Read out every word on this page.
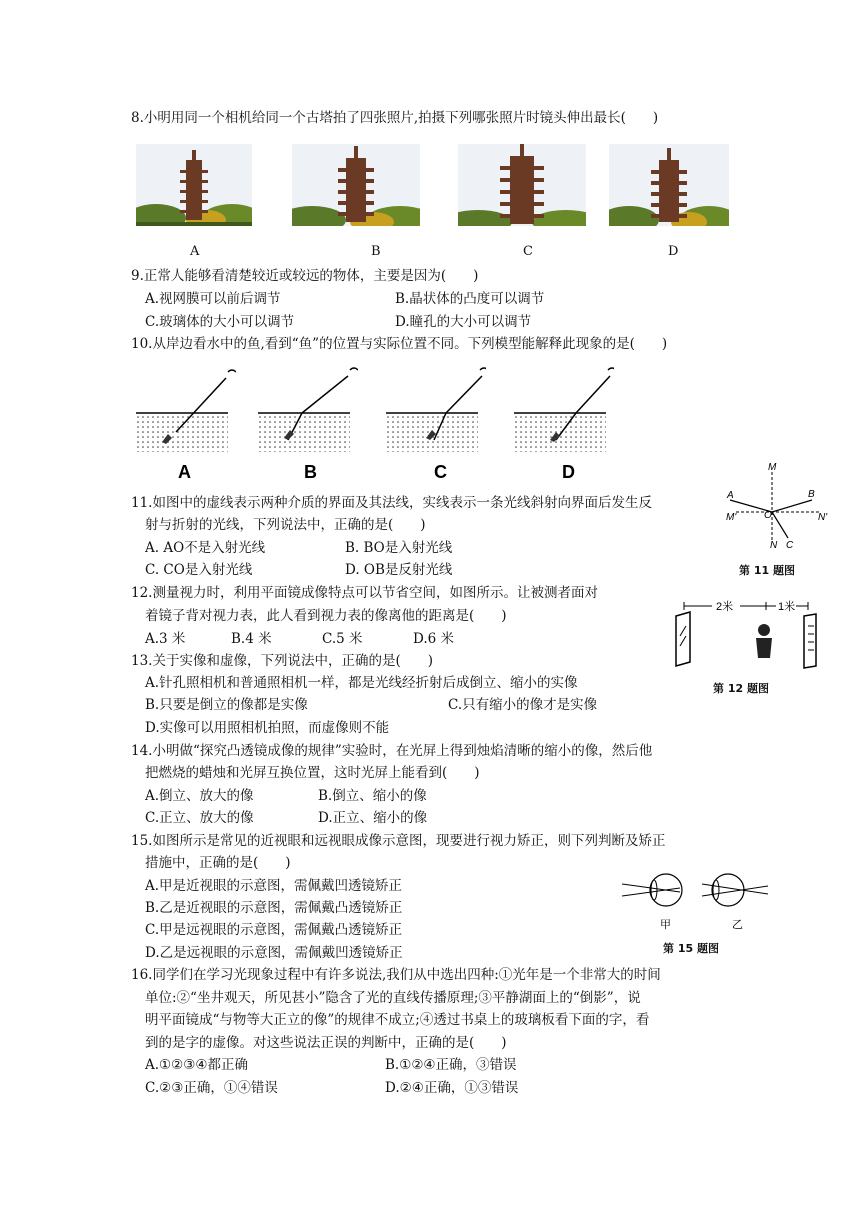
8.小明用同一个相机给同一个古塔拍了四张照片,拍摄下列哪张照片时镜头伸出最长(　　)
A	B	C	D
9.正常人能够看清楚较近或较远的物体，主要是因为(　　)
A.视网膜可以前后调节	B.晶状体的凸度可以调节
C.玻璃体的大小可以调节	D.瞳孔的大小可以调节
10.从岸边看水中的鱼,看到“鱼”的位置与实际位置不同。下列模型能解释此现象的是(　　)
A	B	C	D
11.如图中的虚线表示两种介质的界面及其法线，实线表示一条光线斜射向界面后发生反
射与折射的光线，下列说法中，正确的是(　　)
A. AO不是入射光线	B. BO是入射光线
C. CO是入射光线	D. OB是反射光线
M
A	B
M'	O	N'
N C
第 11 题图
12.测量视力时，利用平面镜成像特点可以节省空间，如图所示。让被测者面对
着镜子背对视力表，此人看到视力表的像离他的距离是(　　)
A.3 米	B.4 米	C.5 米	D.6 米
2米	1米
第 12 题图
13.关于实像和虚像，下列说法中，正确的是(　　)
A.针孔照相机和普通照相机一样，都是光线经折射后成倒立、缩小的实像
B.只要是倒立的像都是实像	C.只有缩小的像才是实像
D.实像可以用照相机拍照，而虚像则不能
14.小明做“探究凸透镜成像的规律”实验时，在光屏上得到烛焰清晰的缩小的像，然后他
把燃烧的蜡烛和光屏互换位置，这时光屏上能看到(　　)
A.倒立、放大的像	B.倒立、缩小的像
C.正立、放大的像	D.正立、缩小的像
15.如图所示是常见的近视眼和远视眼成像示意图，现要进行视力矫正，则下列判断及矫正
措施中，正确的是(　　)
A.甲是近视眼的示意图，需佩戴凹透镜矫正
B.乙是近视眼的示意图，需佩戴凸透镜矫正
C.甲是远视眼的示意图，需佩戴凸透镜矫正
D.乙是远视眼的示意图，需佩戴凹透镜矫正
甲	乙
第 15 题图
16.同学们在学习光现象过程中有许多说法,我们从中选出四种:①光年是一个非常大的时间
单位:②“坐井观天，所见甚小”隐含了光的直线传播原理;③平静湖面上的“倒影”，说
明平面镜成“与物等大正立的像”的规律不成立;④透过书桌上的玻璃板看下面的字，看
到的是字的虚像。对这些说法正误的判断中，正确的是(　　)
A.①②③④都正确	B.①②④正确，③错误
C.②③正确，①④错误	D.②④正确，①③错误
